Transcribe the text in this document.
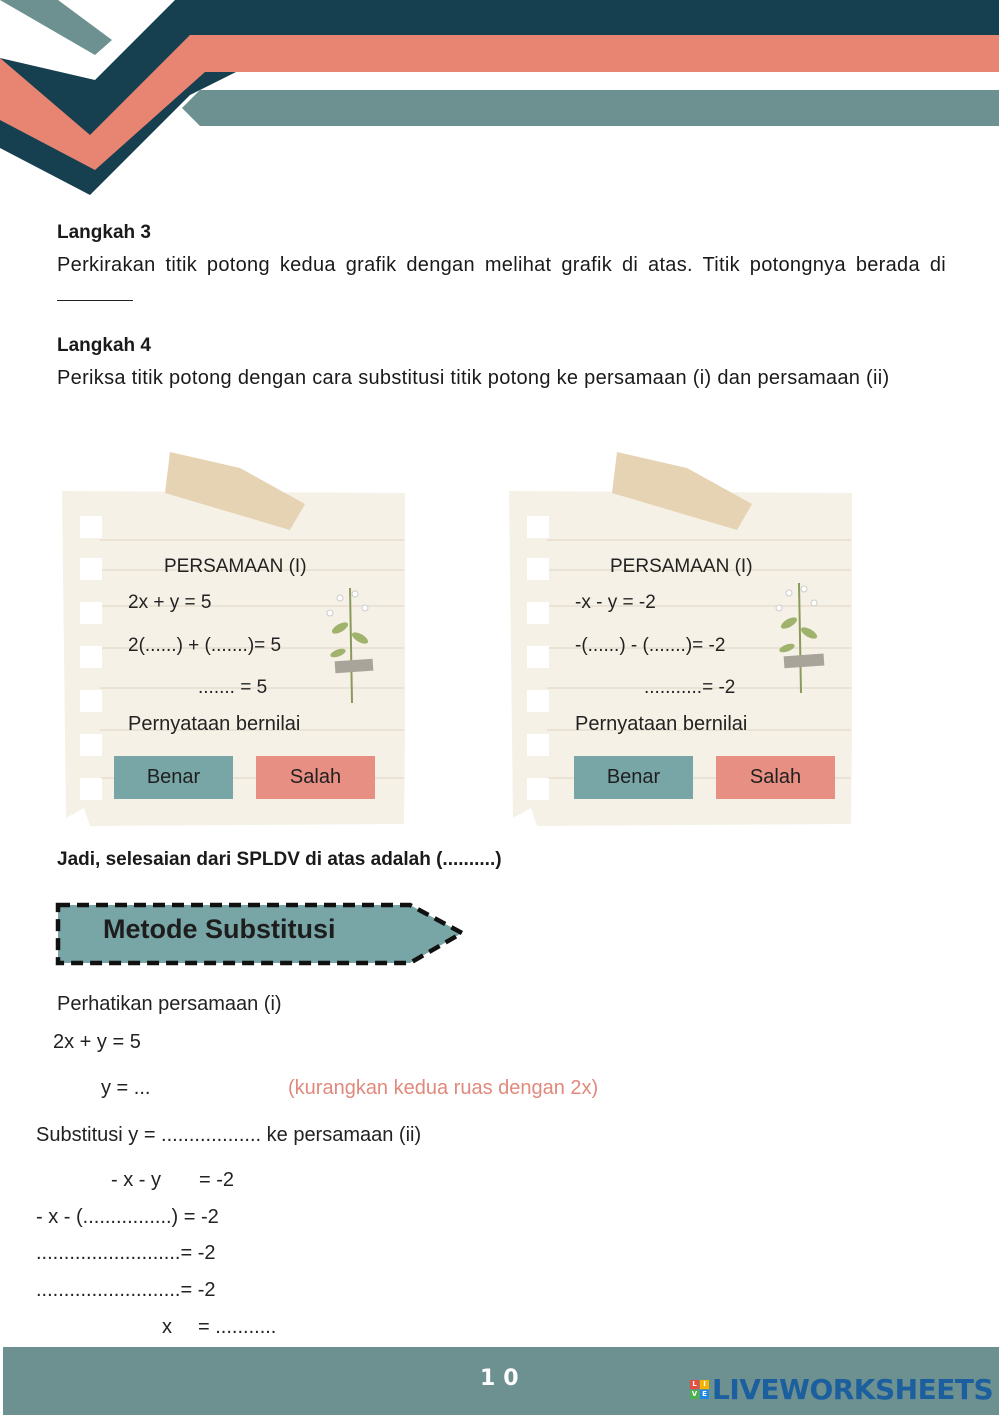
Langkah 3
Perkirakan titik potong kedua grafik dengan melihat grafik di atas. Titik potongnya berada di
Langkah 4
Periksa titik potong dengan cara substitusi titik potong ke persamaan (i) dan persamaan (ii)
PERSAMAAN (I)
2x + y = 5
2(......) + (.......)= 5
....... = 5
Pernyataan bernilai
Benar	Salah
PERSAMAAN (I)
-x - y = -2
-(......) - (.......)= -2
...........= -2
Pernyataan bernilai
Benar	Salah
Jadi, selesaian dari SPLDV di atas adalah (..........)
Metode Substitusi
Perhatikan persamaan (i)
2x + y = 5
y = ...	(kurangkan kedua ruas dengan 2x)
Substitusi y = .................. ke persamaan (ii)
- x - y = -2
- x - (................) = -2
..........................= -2
..........................= -2
x = ...........
10	L I
V E LIVEWORKSHEETS
